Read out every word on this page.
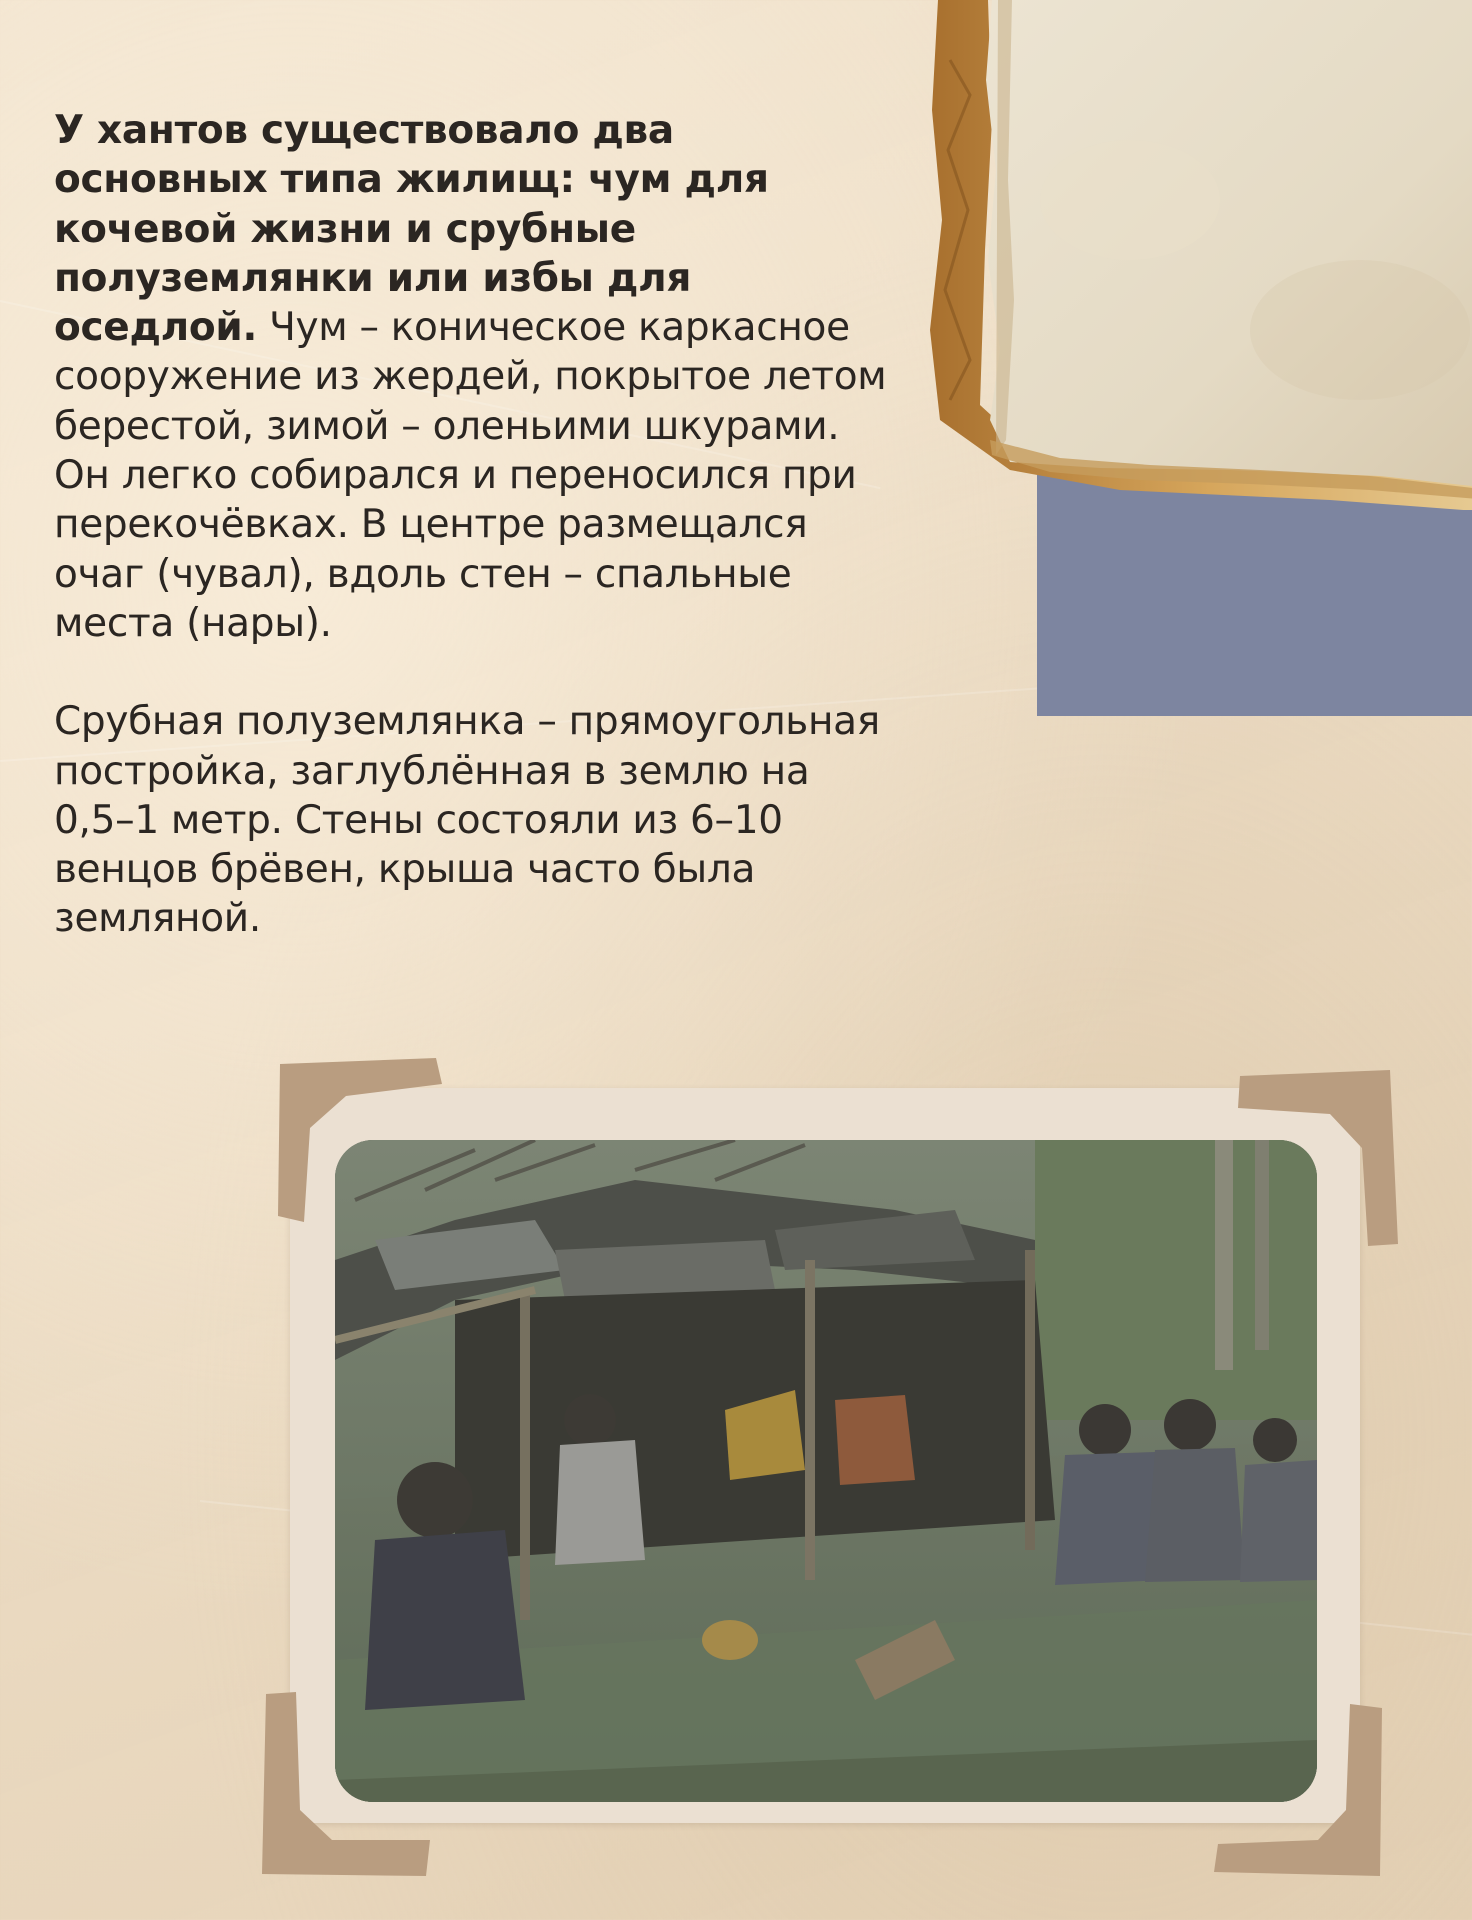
У хантов существовало два основных типа жилищ: чум для кочевой жизни и срубные полуземлянки или избы для оседлой. Чум – коническое каркасное сооружение из жердей, покрытое летом берестой, зимой – оленьими шкурами. Он легко собирался и переносился при перекочёвках. В центре размещался очаг (чувал), вдоль стен – спальные места (нары).

Срубная полуземлянка – прямоугольная постройка, заглублённая в землю на 0,5–1 метр. Стены состояли из 6–10 венцов брёвен, крыша часто была земляной.
